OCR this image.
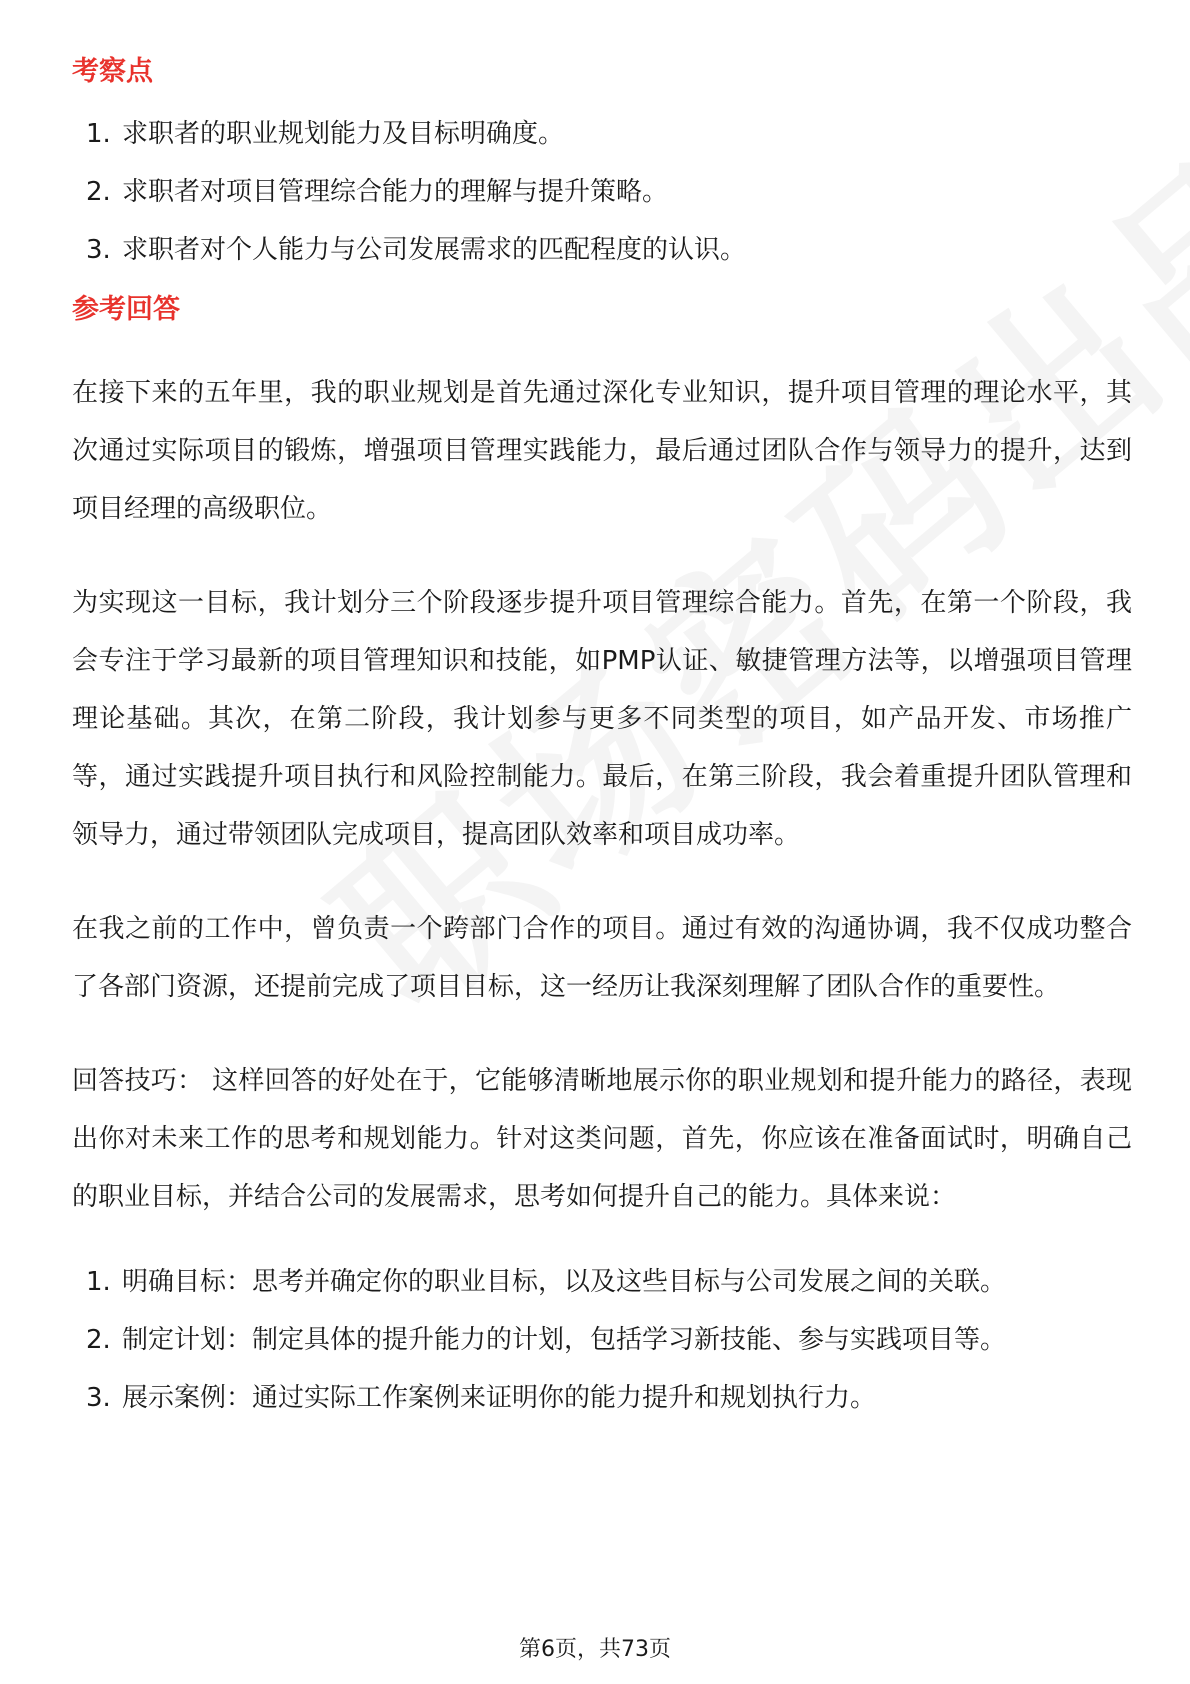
考察点
1. 求职者的职业规划能力及目标明确度。
2. 求职者对项目管理综合能力的理解与提升策略。
3. 求职者对个人能力与公司发展需求的匹配程度的认识。
参考回答

在接下来的五年里，我的职业规划是首先通过深化专业知识，提升项目管理的理论水平，其次通过实际项目的锻炼，增强项目管理实践能力，最后通过团队合作与领导力的提升，达到项目经理的高级职位。

为实现这一目标，我计划分三个阶段逐步提升项目管理综合能力。首先，在第一个阶段，我会专注于学习最新的项目管理知识和技能，如PMP认证、敏捷管理方法等，以增强项目管理理论基础。其次，在第二阶段，我计划参与更多不同类型的项目，如产品开发、市场推广等，通过实践提升项目执行和风险控制能力。最后，在第三阶段，我会着重提升团队管理和领导力，通过带领团队完成项目，提高团队效率和项目成功率。

在我之前的工作中，曾负责一个跨部门合作的项目。通过有效的沟通协调，我不仅成功整合了各部门资源，还提前完成了项目目标，这一经历让我深刻理解了团队合作的重要性。

回答技巧： 这样回答的好处在于，它能够清晰地展示你的职业规划和提升能力的路径，表现出你对未来工作的思考和规划能力。针对这类问题，首先，你应该在准备面试时，明确自己的职业目标，并结合公司的发展需求，思考如何提升自己的能力。具体来说：

1. 明确目标：思考并确定你的职业目标，以及这些目标与公司发展之间的关联。
2. 制定计划：制定具体的提升能力的计划，包括学习新技能、参与实践项目等。
3. 展示案例：通过实际工作案例来证明你的能力提升和规划执行力。
第6页，共73页
